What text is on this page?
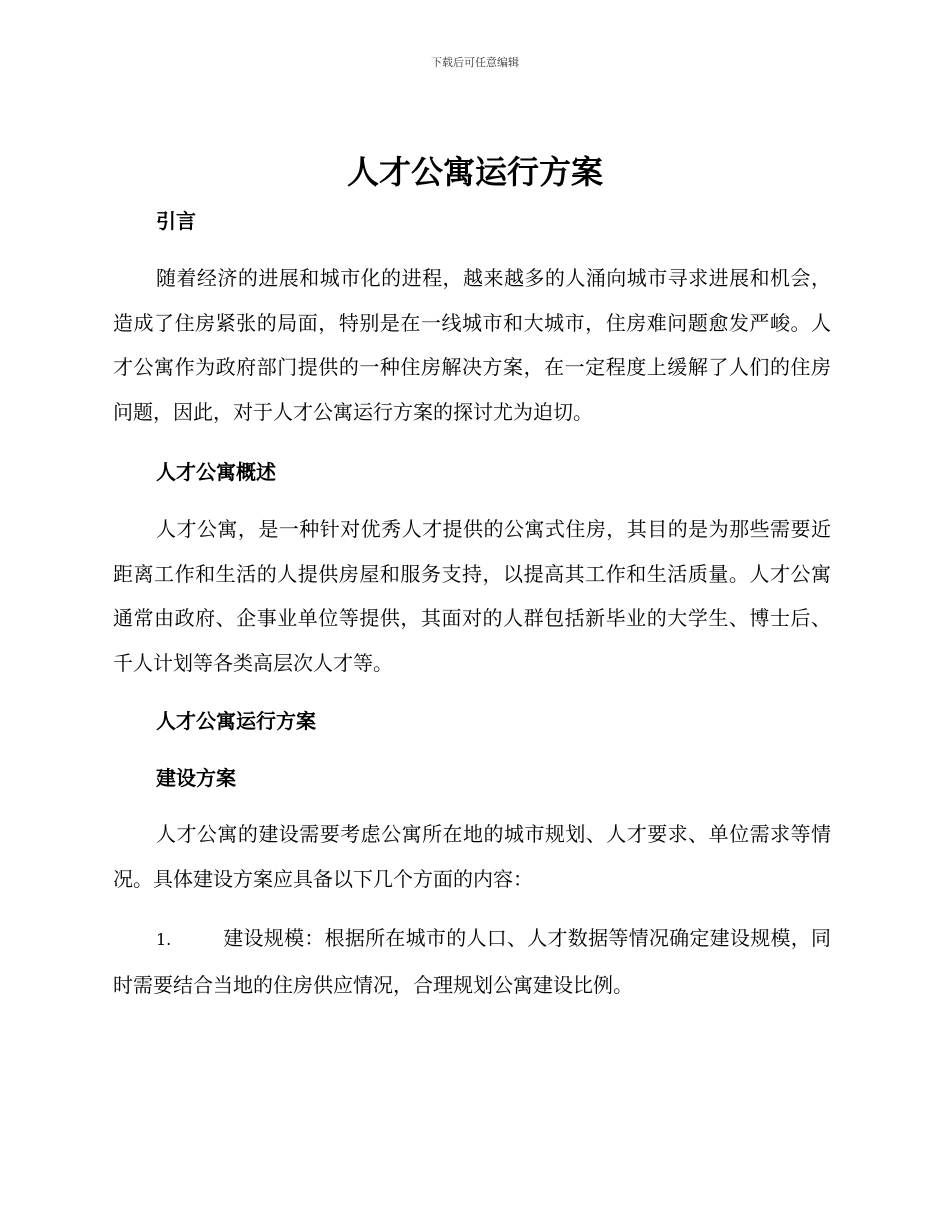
下载后可任意编辑
人才公寓运行方案
引言

随着经济的进展和城市化的进程，越来越多的人涌向城市寻求进展和机会，造成了住房紧张的局面，特别是在一线城市和大城市，住房难问题愈发严峻。人才公寓作为政府部门提供的一种住房解决方案，在一定程度上缓解了人们的住房问题，因此，对于人才公寓运行方案的探讨尤为迫切。

人才公寓概述

人才公寓，是一种针对优秀人才提供的公寓式住房，其目的是为那些需要近距离工作和生活的人提供房屋和服务支持，以提高其工作和生活质量。人才公寓通常由政府、企事业单位等提供，其面对的人群包括新毕业的大学生、博士后、千人计划等各类高层次人才等。

人才公寓运行方案
建设方案

人才公寓的建设需要考虑公寓所在地的城市规划、人才要求、单位需求等情况。具体建设方案应具备以下几个方面的内容：

1.	建设规模：根据所在城市的人口、人才数据等情况确定建设规模，同时需要结合当地的住房供应情况，合理规划公寓建设比例。
